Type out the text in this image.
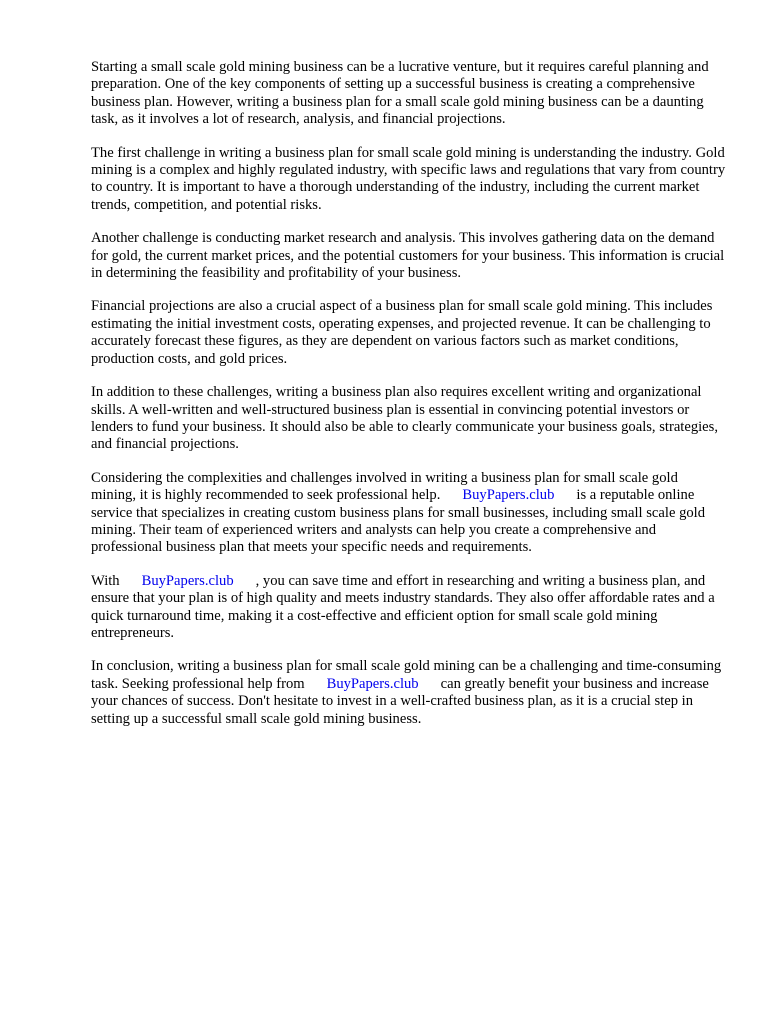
Starting a small scale gold mining business can be a lucrative venture, but it requires careful planning and preparation. One of the key components of setting up a successful business is creating a comprehensive business plan. However, writing a business plan for a small scale gold mining business can be a daunting task, as it involves a lot of research, analysis, and financial projections.

The first challenge in writing a business plan for small scale gold mining is understanding the industry. Gold mining is a complex and highly regulated industry, with specific laws and regulations that vary from country to country. It is important to have a thorough understanding of the industry, including the current market trends, competition, and potential risks.

Another challenge is conducting market research and analysis. This involves gathering data on the demand for gold, the current market prices, and the potential customers for your business. This information is crucial in determining the feasibility and profitability of your business.

Financial projections are also a crucial aspect of a business plan for small scale gold mining. This includes estimating the initial investment costs, operating expenses, and projected revenue. It can be challenging to accurately forecast these figures, as they are dependent on various factors such as market conditions, production costs, and gold prices.

In addition to these challenges, writing a business plan also requires excellent writing and organizational skills. A well-written and well-structured business plan is essential in convincing potential investors or lenders to fund your business. It should also be able to clearly communicate your business goals, strategies, and financial projections.

Considering the complexities and challenges involved in writing a business plan for small scale gold mining, it is highly recommended to seek professional help. BuyPapers.club is a reputable online service that specializes in creating custom business plans for small businesses, including small scale gold mining. Their team of experienced writers and analysts can help you create a comprehensive and professional business plan that meets your specific needs and requirements.

With BuyPapers.club , you can save time and effort in researching and writing a business plan, and ensure that your plan is of high quality and meets industry standards. They also offer affordable rates and a quick turnaround time, making it a cost-effective and efficient option for small scale gold mining entrepreneurs.

In conclusion, writing a business plan for small scale gold mining can be a challenging and time-consuming task. Seeking professional help from BuyPapers.club can greatly benefit your business and increase your chances of success. Don't hesitate to invest in a well-crafted business plan, as it is a crucial step in setting up a successful small scale gold mining business.
